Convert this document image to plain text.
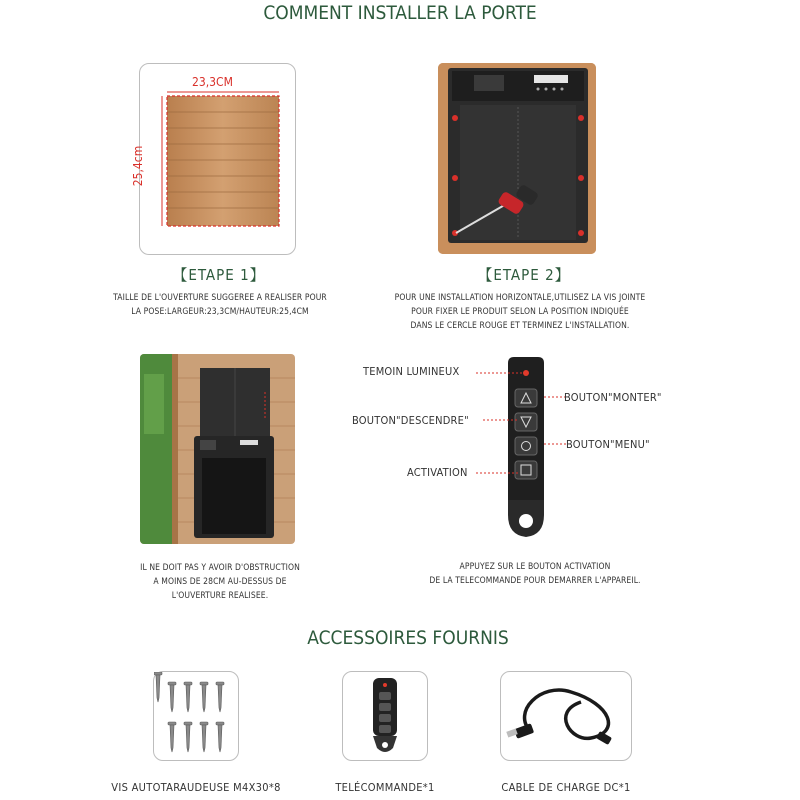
COMMENT INSTALLER LA PORTE
23,3CM
25,4cm
【ETAPE 1】
TAILLE DE L'OUVERTURE SUGGEREE A REALISER POUR
LA POSE:LARGEUR:23,3CM/HAUTEUR:25,4CM
【ETAPE 2】
POUR UNE INSTALLATION HORIZONTALE,UTILISEZ LA VIS JOINTE
POUR FIXER LE PRODUIT SELON LA POSITION INDIQUÉE
DANS LE CERCLE ROUGE ET TERMINEZ L'INSTALLATION.
IL NE DOIT PAS Y AVOIR D'OBSTRUCTION
A MOINS DE 28CM AU-DESSUS DE
L'OUVERTURE REALISEE.
TEMOIN LUMINEUX
BOUTON"MONTER"
BOUTON"DESCENDRE"
BOUTON"MENU"
ACTIVATION
APPUYEZ SUR LE BOUTON ACTIVATION
DE LA TELECOMMANDE POUR DEMARRER L'APPAREIL.
ACCESSOIRES FOURNIS
VIS AUTOTARAUDEUSE M4X30*8	TELÉCOMMANDE*1	CABLE DE CHARGE DC*1
